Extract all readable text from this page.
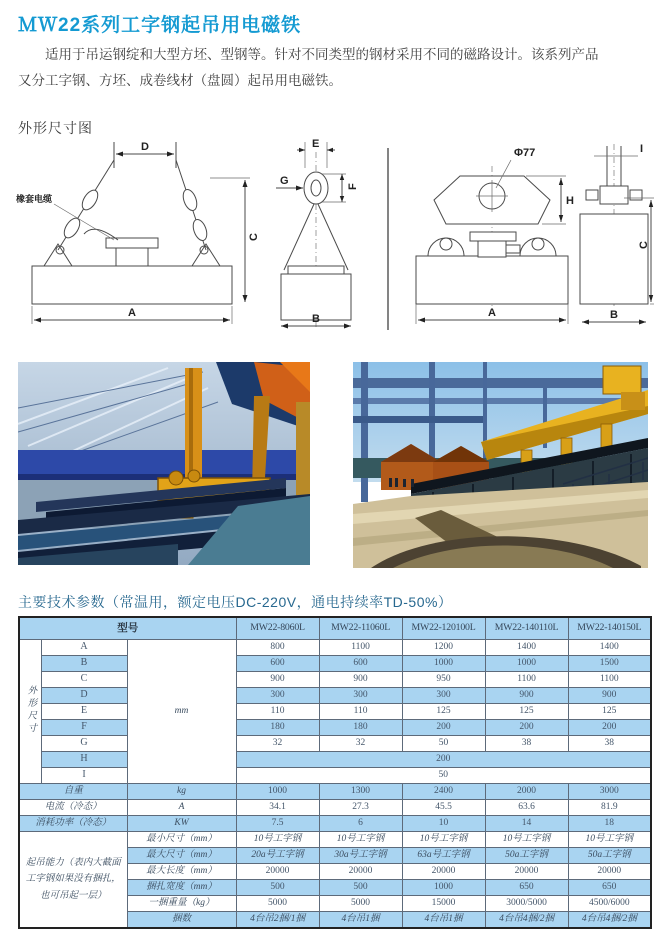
ＭＷ22系列工字钢起吊用电磁铁
适用于吊运钢绽和大型方坯、型钢等。针对不同类型的钢材采用不同的磁路设计。该系列产品
又分工字钢、方坯、成卷线材（盘圆）起吊用电磁铁。
外形尺寸图
橡套电缆
D
C
A
E
G	F
B
Φ77
H
A
I
C
B
主要技术参数（常温用，额定电压DC-220V，通电持续率TD-50%）
型号			MW22-8060L	MW22-11060L	MW22-120100L	MW22-140110L	MW22-140150L
外形尺寸	A	mm	800	1100	1200	1400	1400
	B		600	600	1000	1000	1500
	C		900	900	950	1100	1100
	D		300	300	300	900	900
	E		110	110	125	125	125
	F		180	180	200	200	200
	G		32	32	50	38	38
	H		200				
	I		50				
自重		kg	1000	1300	2400	2000	3000
电流（冷态）		A	34.1	27.3	45.5	63.6	81.9
消耗功率（冷态）		KW	7.5	6	10	14	18
起吊能力（表内大截面工字钢如果没有捆扎，也可吊起一层）		最小尺寸（mm）	10号工字钢	10号工字钢	10号工字钢	10号工字钢	10号工字钢
		最大尺寸（mm）	20a号工字钢	30a号工字钢	63a号工字钢	50a工字钢	50a工字钢
		最大长度（mm）	20000	20000	20000	20000	20000
		捆扎宽度（mm）	500	500	1000	650	650
		一捆重量（kg）	5000	5000	15000	3000/5000	4500/6000
		捆数	4台吊2捆/1捆	4台吊1捆	4台吊1捆	4台吊4捆/2捆	4台吊4捆/2捆
